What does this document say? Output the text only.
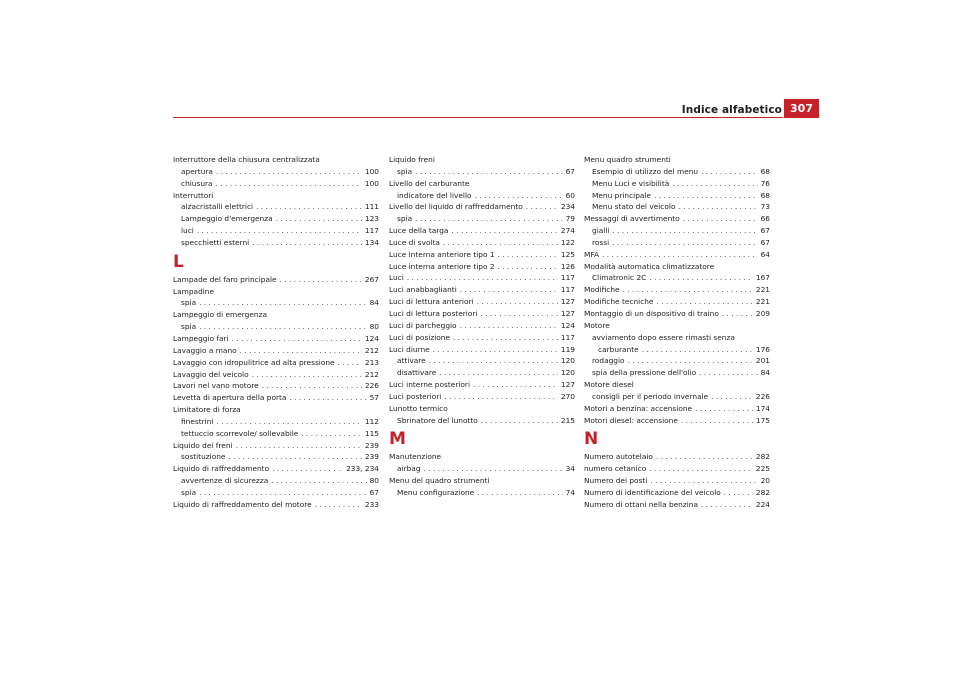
Indice alfabetico 307
Interruttore della chiusura centralizzata
apertura . . .	100
chiusura . . .	100
Interruttori
alzacristalli elettrici . . .	111
Lampeggio d'emergenza . . .	123
luci . . .	117
specchietti esterni . . .	134
L
Lampade del faro principale . . .	267
Lampadine
spia . . .	84
Lampeggio di emergenza
spia . . .	80
Lampeggio fari . . .	124
Lavaggio a mano . . .	212
Lavaggio con idropulitrice ad alta pressione . . .	213
Lavaggio del veicolo . . .	212
Lavori nel vano motore . . .	226
Levetta di apertura della porta . . .	57
Limitatore di forza
finestrini . . .	112
tettuccio scorrevole/ sollevabile . . .	115
Liquido dei freni . . .	239
sostituzione . . .	239
Liquido di raffreddamento . . .	233, 234
avvertenze di sicurezza . . .	80
spia . . .	67
Liquido di raffreddamento del motore . . .	233
Liquido freni
spia . . .	67
Livello del carburante
indicatore del livello . . .	60
Livello del liquido di raffreddamento . . .	234
spia . . .	79
Luce della targa . . .	274
Luce di svolta . . .	122
Luce interna anteriore tipo 1 . . .	125
Luce interna anteriore tipo 2 . . .	126
Luci . . .	117
Luci anabbaglianti . . .	117
Luci di lettura anteriori . . .	127
Luci di lettura posteriori . . .	127
Luci di parcheggio . . .	124
Luci di posizione . . .	117
Luci diurne . . .	119
attivare . . .	120
disattivare . . .	120
Luci interne posteriori . . .	127
Luci posteriori . . .	270
Lunotto termico
Sbrinatore del lunotto . . .	215
M
Manutenzione
airbag . . .	34
Menu del quadro strumenti
Menu configurazione . . .	74
Menu quadro strumenti
Esempio di utilizzo del menu . . .	68
Menu Luci e visibilità . . .	76
Menu principale . . .	68
Menu stato del veicolo . . .	73
Messaggi di avvertimento . . .	66
gialli . . .	67
rossi . . .	67
MFA . . .	64
Modalità automatica climatizzatore
Climatronic 2C . . .	167
Modifiche . . .	221
Modifiche tecniche . . .	221
Montaggio di un dispositivo di traino . . .	209
Motore
avviamento dopo essere rimasti senza
carburante . . .	176
rodaggio . . .	201
spia della pressione dell'olio . . .	84
Motore diesel
consigli per il periodo invernale . . .	226
Motori a benzina: accensione . . .	174
Motori diesel: accensione . . .	175
N
Numero autotelaio . . .	282
numero cetanico . . .	225
Numero dei posti . . .	20
Numero di identificazione del veicolo . . .	282
Numero di ottani nella benzina . . .	224
